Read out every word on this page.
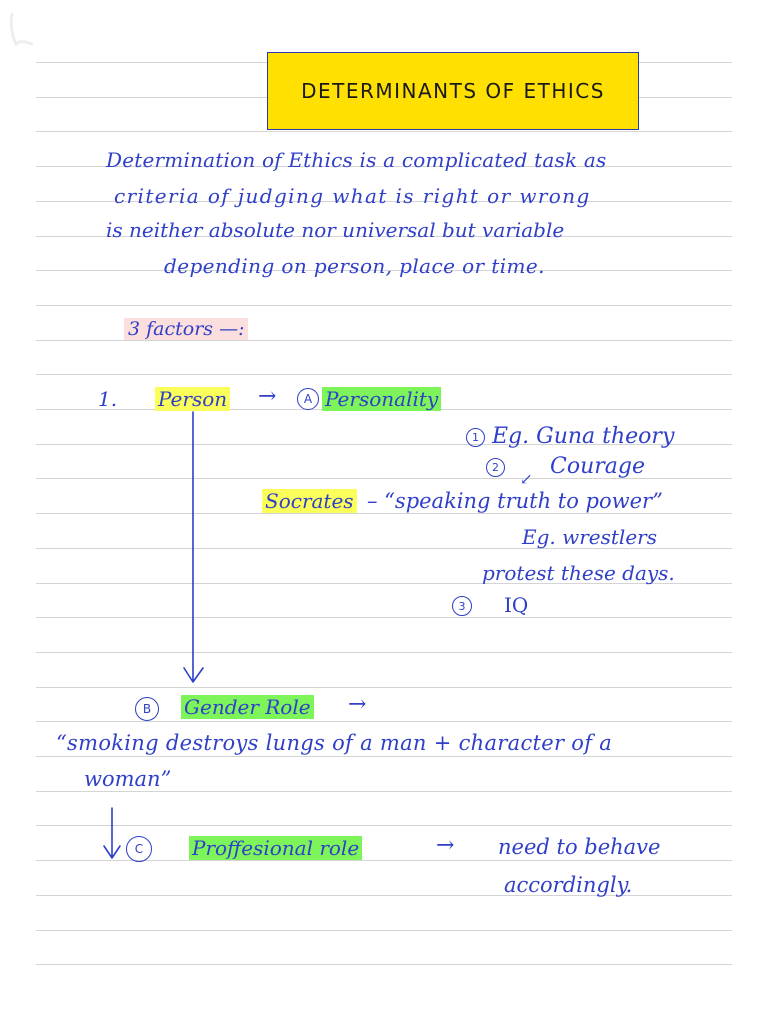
DETERMINANTS OF ETHICS

Determination of Ethics is a complicated task as

criteria of judging what is right or wrong

is neither absolute nor universal but variable

depending on person, place or time.

3 factors —:

1. Person →	A Personality

1 Eg. Guna theory

2

↙ Courage

Socrates – “speaking truth to power”

Eg. wrestlers

protest these days.

3	IQ

B	Gender Role →

“smoking destroys lungs of a man + character of a

woman”

C	Proffesional role	→ need to behave

accordingly.
